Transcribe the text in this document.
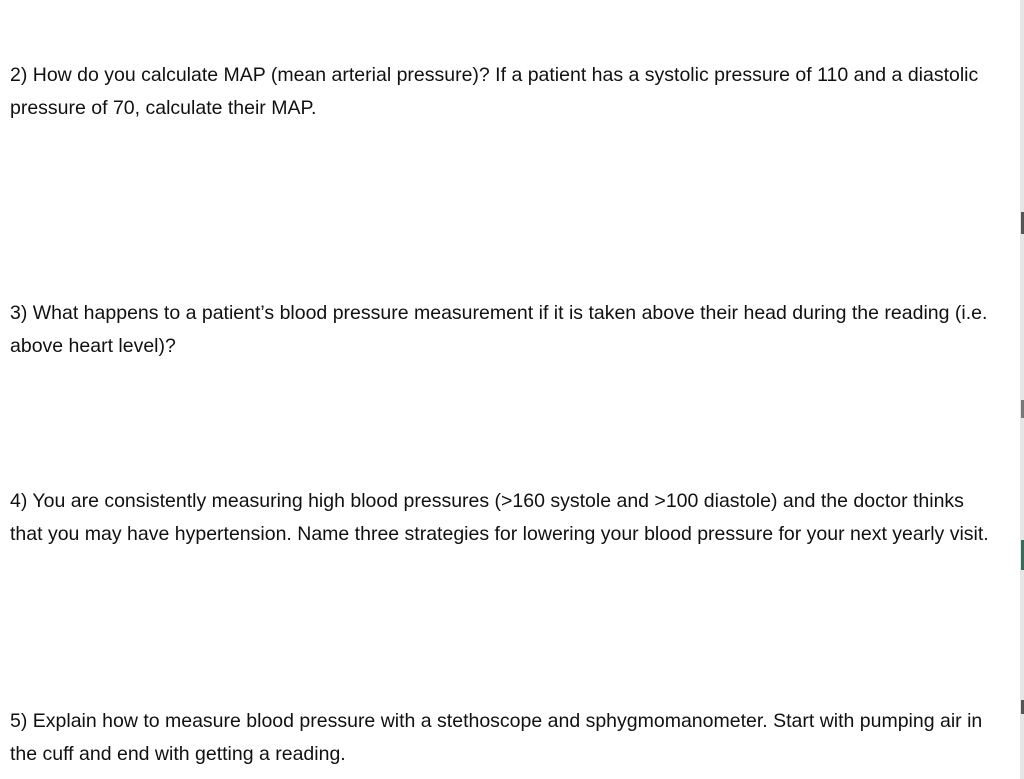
2) How do you calculate MAP (mean arterial pressure)? If a patient has a systolic pressure of 110 and a diastolic pressure of 70, calculate their MAP.

3) What happens to a patient’s blood pressure measurement if it is taken above their head during the reading (i.e. above heart level)?

4) You are consistently measuring high blood pressures (>160 systole and >100 diastole) and the doctor thinks that you may have hypertension. Name three strategies for lowering your blood pressure for your next yearly visit.

5) Explain how to measure blood pressure with a stethoscope and sphygmomanometer. Start with pumping air in the cuff and end with getting a reading.
